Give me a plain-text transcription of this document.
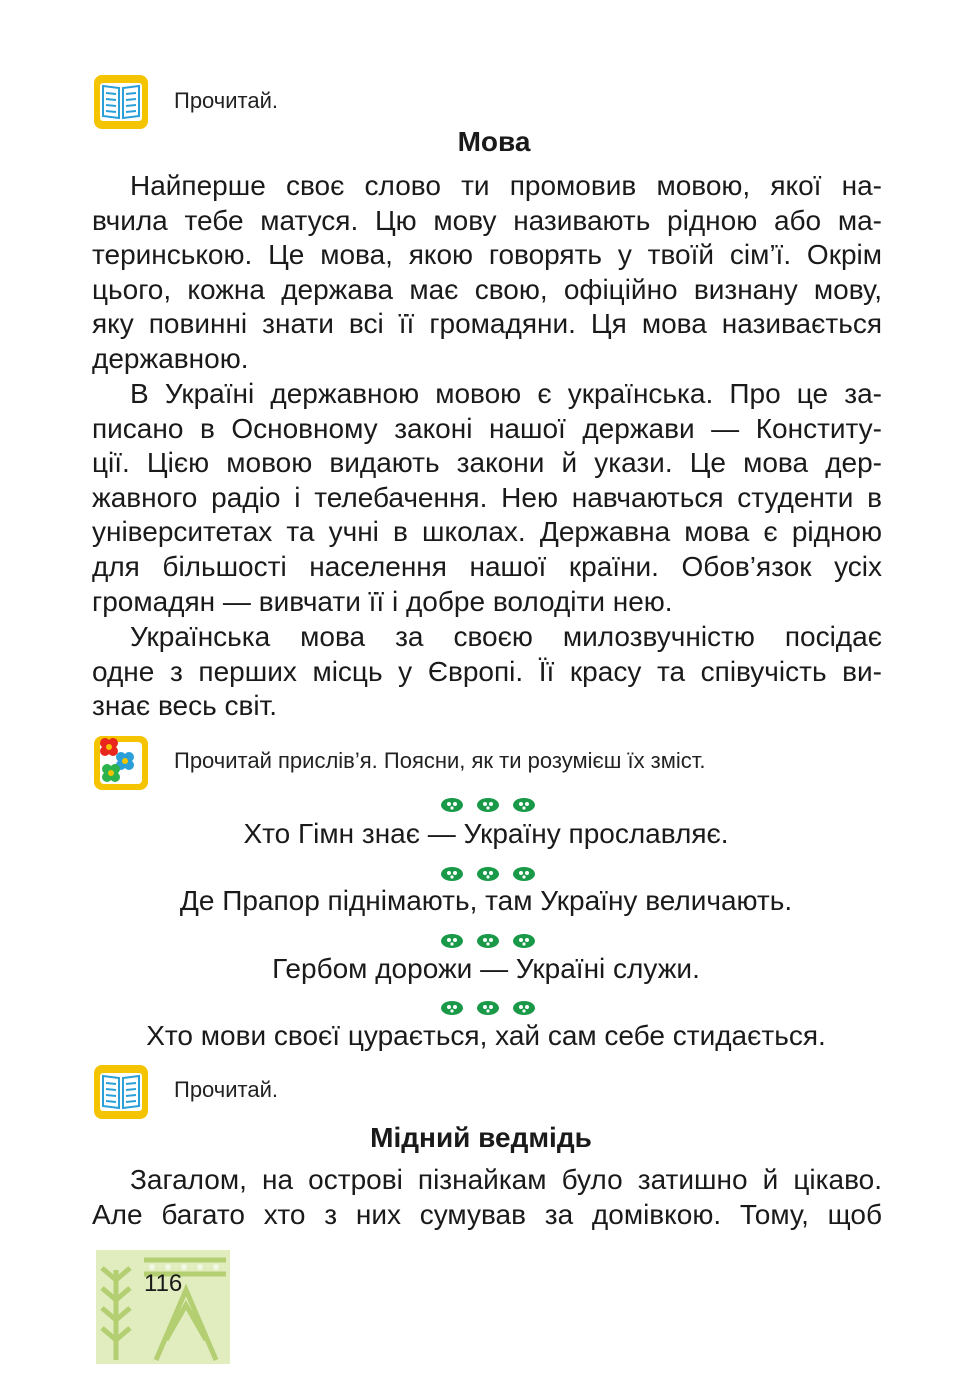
Прочитай.
Мова
Найперше своє слово ти промовив мовою, якої на-
вчила тебе матуся. Цю мову називають рідною або ма-
теринською. Це мова, якою говорять у твоїй сім’ї. Окрім
цього, кожна держава має свою, офіційно визнану мову,
яку повинні знати всі її громадяни. Ця мова називається
державною.
В Україні державною мовою є українська. Про це за-
писано в Основному законі нашої держави — Конститу-
ції. Цією мовою видають закони й укази. Це мова дер-
жавного радіо і телебачення. Нею навчаються студенти в
університетах та учні в школах. Державна мова є рідною
для більшості населення нашої країни. Обов’язок усіх
громадян — вивчати її і добре володіти нею.
Українська мова за своєю милозвучністю посідає
одне з перших місць у Європі. Її красу та співучість ви-
знає весь світ.
Прочитай прислів’я. Поясни, як ти розумієш їх зміст.
Хто Гімн знає — Україну прославляє.
Де Прапор піднімають, там Україну величають.
Гербом дорожи — Україні служи.
Хто мови своєї цурається, хай сам себе стидається.
Прочитай.
Мідний ведмідь
Загалом, на острові пізнайкам було затишно й цікаво.
Але багато хто з них сумував за домівкою. Тому, щоб
116
